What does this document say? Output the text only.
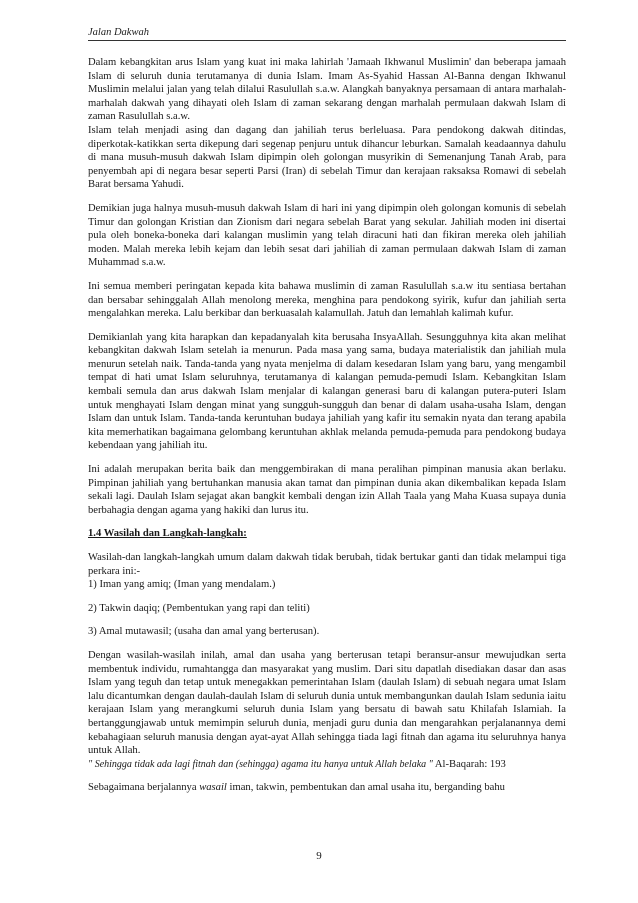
Jalan Dakwah

Dalam kebangkitan arus Islam yang kuat ini maka lahirlah 'Jamaah Ikhwanul Muslimin' dan beberapa jamaah Islam di seluruh dunia terutamanya di dunia Islam. Imam As-Syahid Hassan Al-Banna dengan Ikhwanul Muslimin melalui jalan yang telah dilalui Rasulullah s.a.w. Alangkah banyaknya persamaan di antara marhalah-marhalah dakwah yang dihayati oleh Islam di zaman sekarang dengan marhalah permulaan dakwah Islam di zaman Rasulullah s.a.w.

Islam telah menjadi asing dan dagang dan jahiliah terus berleluasa. Para pendokong dakwah ditindas, diperkotak-katikkan serta dikepung dari segenap penjuru untuk dihancur leburkan. Samalah keadaannya dahulu di mana musuh-musuh dakwah Islam dipimpin oleh golongan musyrikin di Semenanjung Tanah Arab, para penyembah api di negara besar seperti Parsi (Iran) di sebelah Timur dan kerajaan raksaksa Romawi di sebelah Barat bersama Yahudi.

Demikian juga halnya musuh-musuh dakwah Islam di hari ini yang dipimpin oleh golongan komunis di sebelah Timur dan golongan Kristian dan Zionism dari negara sebelah Barat yang sekular. Jahiliah moden ini disertai pula oleh boneka-boneka dari kalangan muslimin yang telah diracuni hati dan fikiran mereka oleh jahiliah moden. Malah mereka lebih kejam dan lebih sesat dari jahiliah di zaman permulaan dakwah Islam di zaman Muhammad s.a.w.

Ini semua memberi peringatan kepada kita bahawa muslimin di zaman Rasulullah s.a.w itu sentiasa bertahan dan bersabar sehinggalah Allah menolong mereka, menghina para pendokong syirik, kufur dan jahiliah serta mengalahkan mereka. Lalu berkibar dan berkuasalah kalamullah. Jatuh dan lemahlah kalimah kufur.

Demikianlah yang kita harapkan dan kepadanyalah kita berusaha InsyaAllah. Sesungguhnya kita akan melihat kebangkitan dakwah Islam setelah ia menurun. Pada masa yang sama, budaya materialistik dan jahiliah mula menurun setelah naik. Tanda-tanda yang nyata menjelma di dalam kesedaran Islam yang baru, yang mengambil tempat di hati umat Islam seluruhnya, terutamanya di kalangan pemuda-pemudi Islam. Kebangkitan Islam kembali semula dan arus dakwah Islam menjalar di kalangan generasi baru di kalangan putera-puteri Islam untuk menghayati Islam dengan minat yang sungguh-sungguh dan benar di dalam usaha-usaha Islam, dengan Islam dan untuk Islam. Tanda-tanda keruntuhan budaya jahiliah yang kafir itu semakin nyata dan terang apabila kita memerhatikan bagaimana gelombang keruntuhan akhlak melanda pemuda-pemuda para pendokong budaya kebendaan yang jahiliah itu.

Ini adalah merupakan berita baik dan menggembirakan di mana peralihan pimpinan manusia akan berlaku. Pimpinan jahiliah yang bertuhankan manusia akan tamat dan pimpinan dunia akan dikembalikan kepada Islam sekali lagi. Daulah Islam sejagat akan bangkit kembali dengan izin Allah Taala yang Maha Kuasa supaya dunia berbahagia dengan agama yang hakiki dan lurus itu.

1.4 Wasilah dan Langkah-langkah:

Wasilah-dan langkah-langkah umum dalam dakwah tidak berubah, tidak bertukar ganti dan tidak melampui tiga perkara ini:-

1) Iman yang amiq; (Iman yang mendalam.)

2) Takwin daqiq; (Pembentukan yang rapi dan teliti)

3) Amal mutawasil; (usaha dan amal yang berterusan).

Dengan wasilah-wasilah inilah, amal dan usaha yang berterusan tetapi beransur-ansur mewujudkan serta membentuk individu, rumahtangga dan masyarakat yang muslim. Dari situ dapatlah disediakan dasar dan asas Islam yang teguh dan tetap untuk menegakkan pemerintahan Islam (daulah Islam) di sebuah negara umat Islam lalu dicantumkan dengan daulah-daulah Islam di seluruh dunia untuk membangunkan daulah Islam sedunia iaitu kerajaan Islam yang merangkumi seluruh dunia Islam yang bersatu di bawah satu Khilafah Islamiah. Ia bertanggungjawab untuk memimpin seluruh dunia, menjadi guru dunia dan mengarahkan perjalanannya demi kebahagiaan seluruh manusia dengan ayat-ayat Allah sehingga tiada lagi fitnah dan agama itu seluruhnya hanya untuk Allah.

" Sehingga tidak ada lagi fitnah dan (sehingga) agama itu hanya untuk Allah belaka " Al-Baqarah: 193

Sebagaimana berjalannya wasail iman, takwin, pembentukan dan amal usaha itu, berganding bahu

9
